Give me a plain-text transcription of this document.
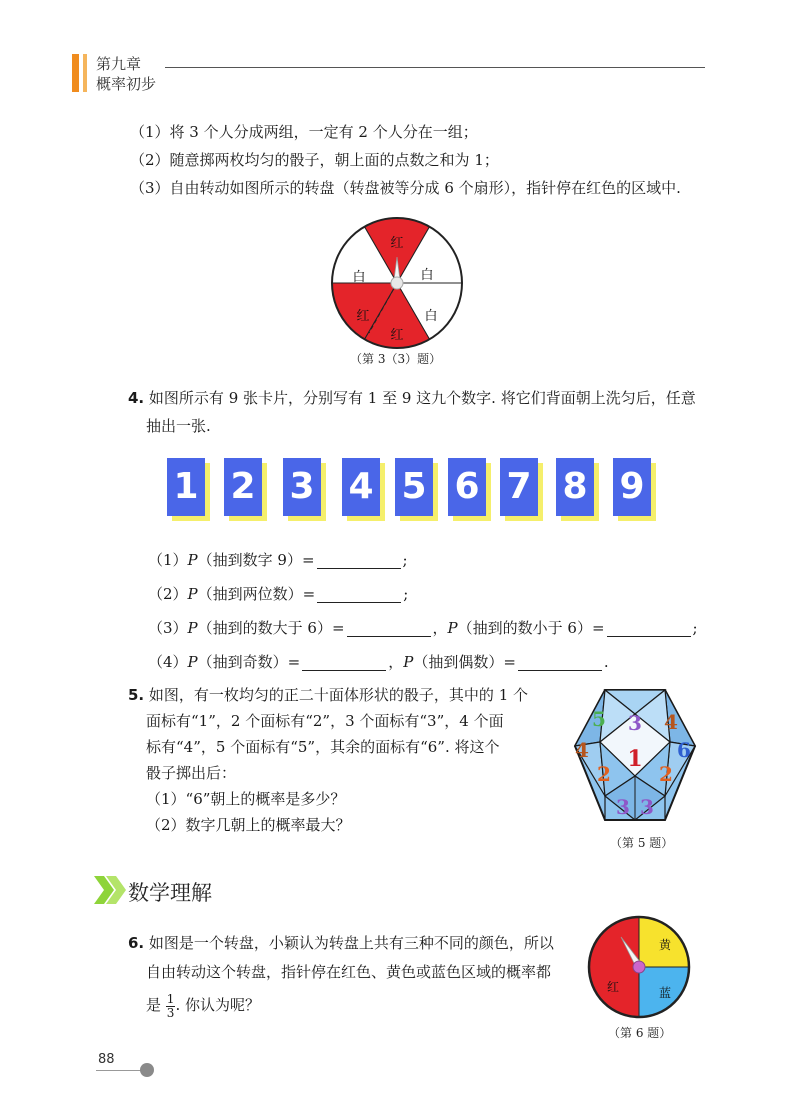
第九章
概率初步
（1）将 3 个人分成两组，一定有 2 个人分在一组；
（2）随意掷两枚均匀的骰子，朝上面的点数之和为 1；
（3）自由转动如图所示的转盘（转盘被等分成 6 个扇形），指针停在红色的区域中.
红
白
白
白
红
红
（第 3（3）题）
4. 如图所示有 9 张卡片，分别写有 1 至 9 这九个数字. 将它们背面朝上洗匀后，任意
抽出一张.
1 2 3 4 5 6 7 8 9
（1）P（抽到数字 9）=	;
（2）P（抽到两位数）=	;
（3）P（抽到的数大于 6）=	，P（抽到的数小于 6）=	;
（4）P（抽到奇数）=	，P（抽到偶数）=	.
5. 如图，有一枚均匀的正二十面体形状的骰子，其中的 1 个
面标有“1”，2 个面标有“2”，3 个面标有“3”，4 个面
标有“4”，5 个面标有“5”，其余的面标有“6”. 将这个
骰子掷出后：
（1）“6”朝上的概率是多少？
（2）数字几朝上的概率最大？
5 3 4
4 1 6
2 2
3 3
（第 5 题）
数学理解
6. 如图是一个转盘，小颖认为转盘上共有三种不同的颜色，所以
自由转动这个转盘，指针停在红色、黄色或蓝色区域的概率都
是 $\frac{1}{3}$ . 你认为呢？
黄
蓝
红
（第 6 题）
88
